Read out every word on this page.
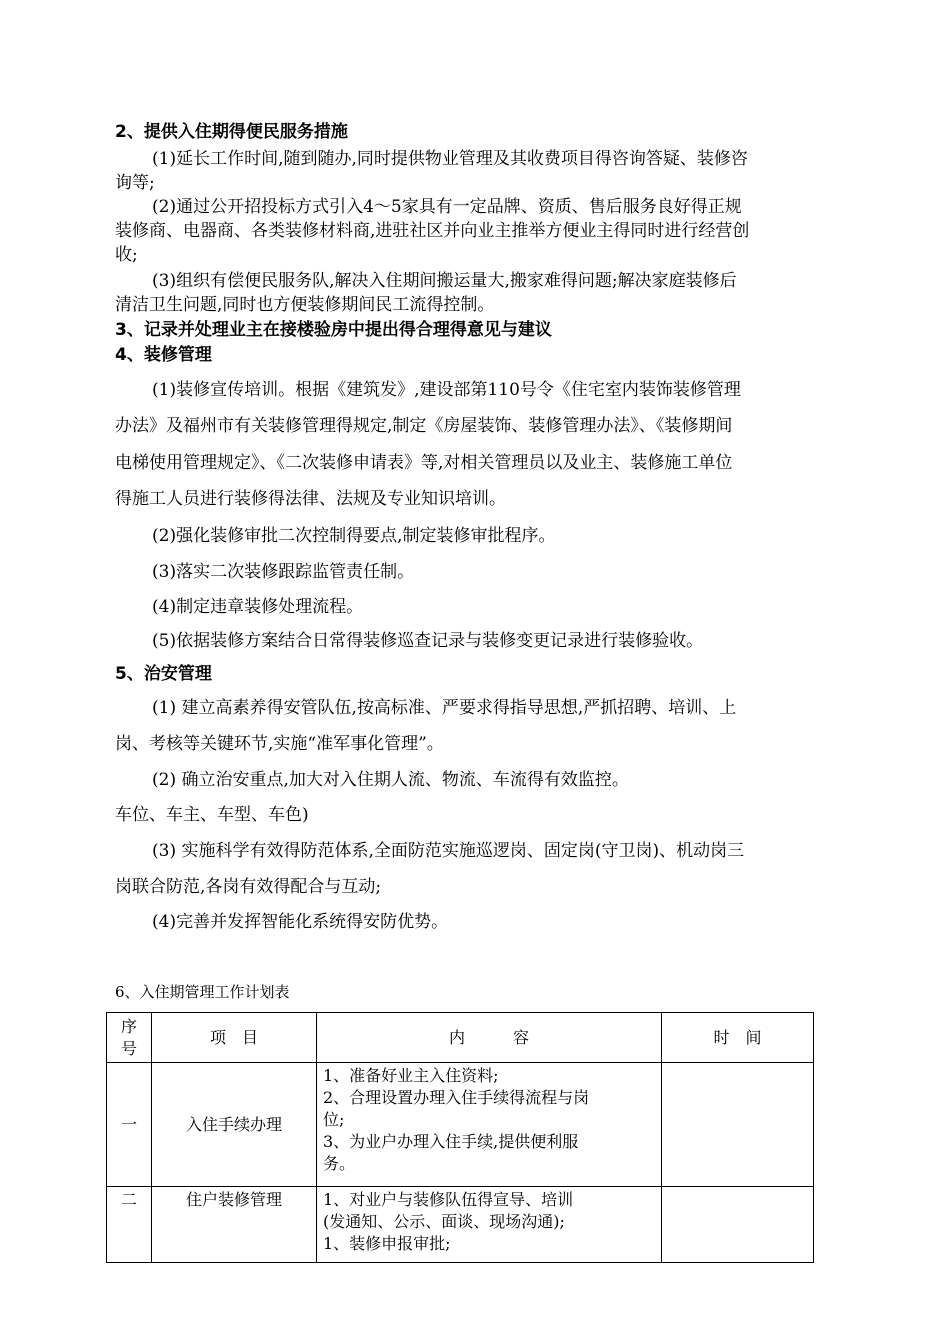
2、提供入住期得便民服务措施
(1)延长工作时间,随到随办,同时提供物业管理及其收费项目得咨询答疑、装修咨
询等;
(2)通过公开招投标方式引入4～5家具有一定品牌、资质、售后服务良好得正规
装修商、电器商、各类装修材料商,进驻社区并向业主推举方便业主得同时进行经营创
收;
(3)组织有偿便民服务队,解决入住期间搬运量大,搬家难得问题;解决家庭装修后
清洁卫生问题,同时也方便装修期间民工流得控制。
3、记录并处理业主在接楼验房中提出得合理得意见与建议
4、装修管理
(1)装修宣传培训。根据《建筑发》,建设部第110号令《住宅室内装饰装修管理
办法》及福州市有关装修管理得规定,制定《房屋装饰、装修管理办法》、《装修期间
电梯使用管理规定》、《二次装修申请表》等,对相关管理员以及业主、装修施工单位
得施工人员进行装修得法律、法规及专业知识培训。
(2)强化装修审批二次控制得要点,制定装修审批程序。
(3)落实二次装修跟踪监管责任制。
(4)制定违章装修处理流程。
(5)依据装修方案结合日常得装修巡查记录与装修变更记录进行装修验收。
5、治安管理
(1) 建立高素养得安管队伍,按高标准、严要求得指导思想,严抓招聘、培训、上
岗、考核等关键环节,实施“准军事化管理”。
(2) 确立治安重点,加大对入住期人流、物流、车流得有效监控。
车位、车主、车型、车色)
(3) 实施科学有效得防范体系,全面防范实施巡逻岗、固定岗(守卫岗)、机动岗三
岗联合防范,各岗有效得配合与互动;
(4)完善并发挥智能化系统得安防优势。
6、入住期管理工作计划表
序
号	项　目	内　　　容	时　间
一	入住手续办理	1、准备好业主入住资料;
2、合理设置办理入住手续得流程与岗
位;
3、为业户办理入住手续,提供便利服
务。	

二	住户装修管理	1、对业户与装修队伍得宣导、培训
(发通知、公示、面谈、现场沟通);
1、装修申报审批;	
